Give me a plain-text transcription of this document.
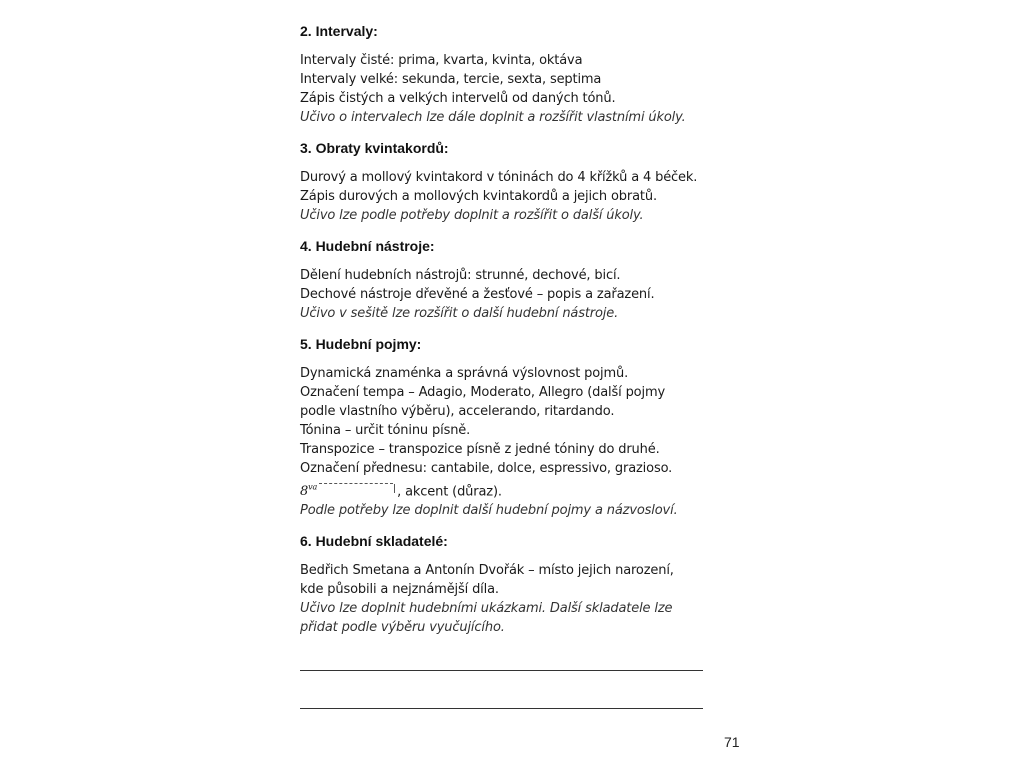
2. Intervaly:
Intervaly čisté: prima, kvarta, kvinta, oktáva
Intervaly velké: sekunda, tercie, sexta, septima
Zápis čistých a velkých intervelů od daných tónů.
Učivo o intervalech lze dále doplnit a rozšířit vlastními úkoly.
3. Obraty kvintakordů:
Durový a mollový kvintakord v tóninách do 4 křížků a 4 béček.
Zápis durových a mollových kvintakordů a jejich obratů.
Učivo lze podle potřeby doplnit a rozšířit o další úkoly.
4. Hudební nástroje:
Dělení hudebních nástrojů: strunné, dechové, bicí.
Dechové nástroje dřevěné a žesťové – popis a zařazení.
Učivo v sešitě lze rozšířit o další hudební nástroje.
5. Hudební pojmy:
Dynamická znaménka a správná výslovnost pojmů.
Označení tempa – Adagio, Moderato, Allegro (další pojmy
podle vlastního výběru), accelerando, ritardando.
Tónina – určit tóninu písně.
Transpozice – transpozice písně z jedné tóniny do druhé.
Označení přednesu: cantabile, dolce, espressivo, grazioso.
$8^{va}$	, akcent (důraz).
Podle potřeby lze doplnit další hudební pojmy a názvosloví.
6. Hudební skladatelé:
Bedřich Smetana a Antonín Dvořák – místo jejich narození,
kde působili a nejznámější díla.
Učivo lze doplnit hudebními ukázkami. Další skladatele lze
přidat podle výběru vyučujícího.
71
